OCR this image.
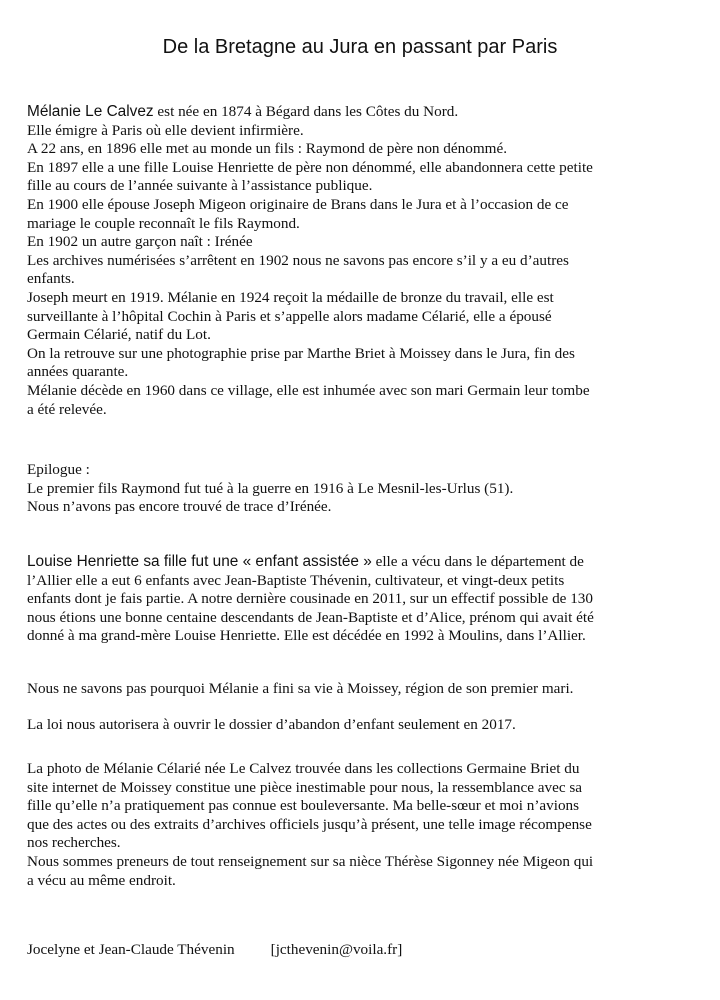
De la Bretagne au Jura en passant par Paris
Mélanie Le Calvez est née en 1874 à Bégard dans les Côtes du Nord.
Elle émigre à Paris où elle devient infirmière.
A 22 ans, en 1896 elle met au monde un fils : Raymond de père non dénommé.
En 1897 elle a une fille Louise Henriette de père non dénommé, elle abandonnera cette petite
fille au cours de l’année suivante à l’assistance publique.
En 1900 elle épouse Joseph Migeon originaire de Brans dans le Jura et à l’occasion de ce
mariage le couple reconnaît le fils Raymond.
En 1902 un autre garçon naît : Irénée
Les archives numérisées s’arrêtent en 1902 nous ne savons pas encore s’il y a eu d’autres
enfants.
Joseph meurt en 1919. Mélanie en 1924 reçoit la médaille de bronze du travail, elle est
surveillante à l’hôpital Cochin à Paris et s’appelle alors madame Célarié, elle a épousé
Germain Célarié, natif du Lot.
On la retrouve sur une photographie prise par Marthe Briet à Moissey dans le Jura, fin des
années quarante.
Mélanie décède en 1960 dans ce village, elle est inhumée avec son mari Germain leur tombe
a été relevée.
Epilogue :
Le premier fils Raymond fut tué à la guerre en 1916 à Le Mesnil-les-Urlus (51).
Nous n’avons pas encore trouvé de trace d’Irénée.
Louise Henriette sa fille fut une « enfant assistée » elle a vécu dans le département de
l’Allier elle a eut 6 enfants avec Jean-Baptiste Thévenin, cultivateur, et vingt-deux petits
enfants dont je fais partie. A notre dernière cousinade en 2011, sur un effectif possible de 130
nous étions une bonne centaine descendants de Jean-Baptiste et d’Alice, prénom qui avait été
donné à ma grand-mère Louise Henriette. Elle est décédée en 1992 à Moulins, dans l’Allier.
Nous ne savons pas pourquoi Mélanie a fini sa vie à Moissey, région de son premier mari.
La loi nous autorisera à ouvrir le dossier d’abandon d’enfant seulement en 2017.
La photo de Mélanie Célarié née Le Calvez trouvée dans les collections Germaine Briet du
site internet de Moissey constitue une pièce inestimable pour nous, la ressemblance avec sa
fille qu’elle n’a pratiquement pas connue est bouleversante. Ma belle-sœur et moi n’avions
que des actes ou des extraits d’archives officiels jusqu’à présent, une telle image récompense
nos recherches.
Nous sommes preneurs de tout renseignement sur sa nièce Thérèse Sigonney née Migeon qui
a vécu au même endroit.
Jocelyne et Jean-Claude Thévenin [jcthevenin@voila.fr]
